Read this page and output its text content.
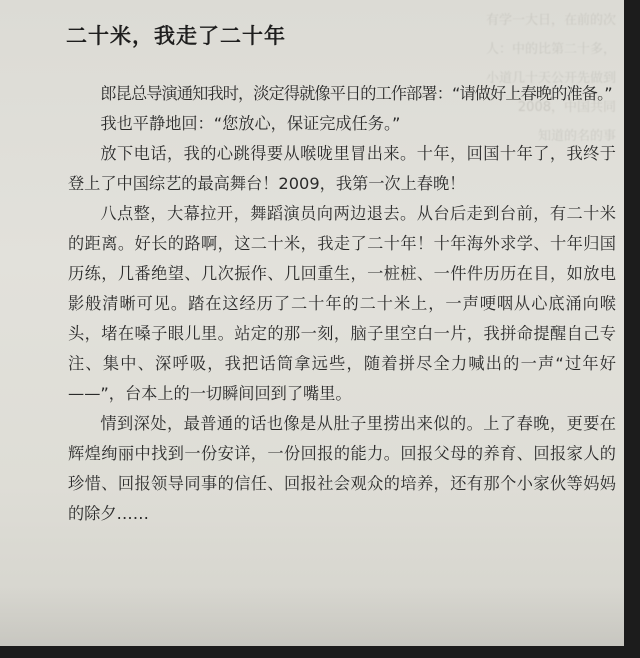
有学一大日，在前的次
人：中的比第二十多，
小道几十天公开先做到
2008，中国共同
知道的名的事
二十米，我走了二十年

郎昆总导演通知我时，淡定得就像平日的工作部署：“请做好上春晚的准备。”

我也平静地回：“您放心，保证完成任务。”

放下电话，我的心跳得要从喉咙里冒出来。十年，回国十年了，我终于登上了中国综艺的最高舞台！2009，我第一次上春晚！

八点整，大幕拉开，舞蹈演员向两边退去。从台后走到台前，有二十米的距离。好长的路啊，这二十米，我走了二十年！十年海外求学、十年归国历练，几番绝望、几次振作、几回重生，一桩桩、一件件历历在目，如放电影般清晰可见。踏在这经历了二十年的二十米上，一声哽咽从心底涌向喉头，堵在嗓子眼儿里。站定的那一刻，脑子里空白一片，我拼命提醒自己专注、集中、深呼吸，我把话筒拿远些，随着拼尽全力喊出的一声“过年好——”，台本上的一切瞬间回到了嘴里。

情到深处，最普通的话也像是从肚子里捞出来似的。上了春晚，更要在辉煌绚丽中找到一份安详，一份回报的能力。回报父母的养育、回报家人的珍惜、回报领导同事的信任、回报社会观众的培养，还有那个小家伙等妈妈的除夕……
